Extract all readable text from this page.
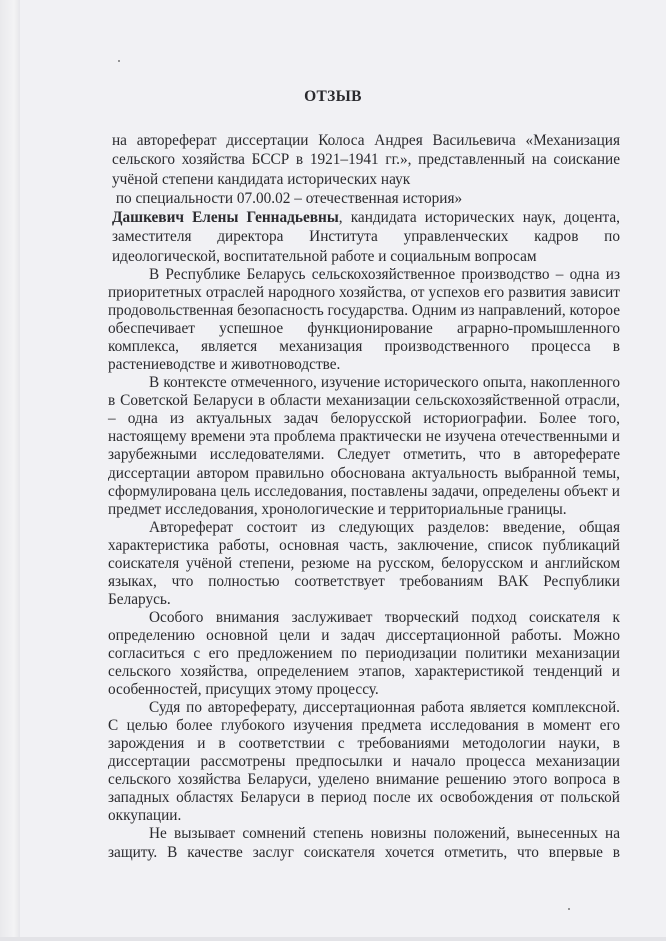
ОТЗЫВ

на автореферат диссертации Колоса Андрея Васильевича «Механизация сельского хозяйства БССР в 1921–1941 гг.», представленный на соискание учёной степени кандидата исторических наук

по специальности 07.00.02 – отечественная история»

Дашкевич Елены Геннадьевны, кандидата исторических наук, доцента, заместителя директора Института управленческих кадров по идеологической, воспитательной работе и социальным вопросам

В Республике Беларусь сельскохозяйственное производство – одна из приоритетных отраслей народного хозяйства, от успехов его развития зависит продовольственная безопасность государства. Одним из направлений, которое обеспечивает успешное функционирование аграрно-промышленного комплекса, является механизация производственного процесса в растениеводстве и животноводстве.

В контексте отмеченного, изучение исторического опыта, накопленного в Советской Беларуси в области механизации сельскохозяйственной отрасли, – одна из актуальных задач белорусской историографии. Более того, настоящему времени эта проблема практически не изучена отечественными и зарубежными исследователями. Следует отметить, что в автореферате диссертации автором правильно обоснована актуальность выбранной темы, сформулирована цель исследования, поставлены задачи, определены объект и предмет исследования, хронологические и территориальные границы.

Автореферат состоит из следующих разделов: введение, общая характеристика работы, основная часть, заключение, список публикаций соискателя учёной степени, резюме на русском, белорусском и английском языках, что полностью соответствует требованиям ВАК Республики Беларусь.

Особого внимания заслуживает творческий подход соискателя к определению основной цели и задач диссертационной работы. Можно согласиться с его предложением по периодизации политики механизации сельского хозяйства, определением этапов, характеристикой тенденций и особенностей, присущих этому процессу.

Судя по автореферату, диссертационная работа является комплексной. С целью более глубокого изучения предмета исследования в момент его зарождения и в соответствии с требованиями методологии науки, в диссертации рассмотрены предпосылки и начало процесса механизации сельского хозяйства Беларуси, уделено внимание решению этого вопроса в западных областях Беларуси в период после их освобождения от польской оккупации.

Не вызывает сомнений степень новизны положений, вынесенных на защиту. В качестве заслуг соискателя хочется отметить, что впервые в
